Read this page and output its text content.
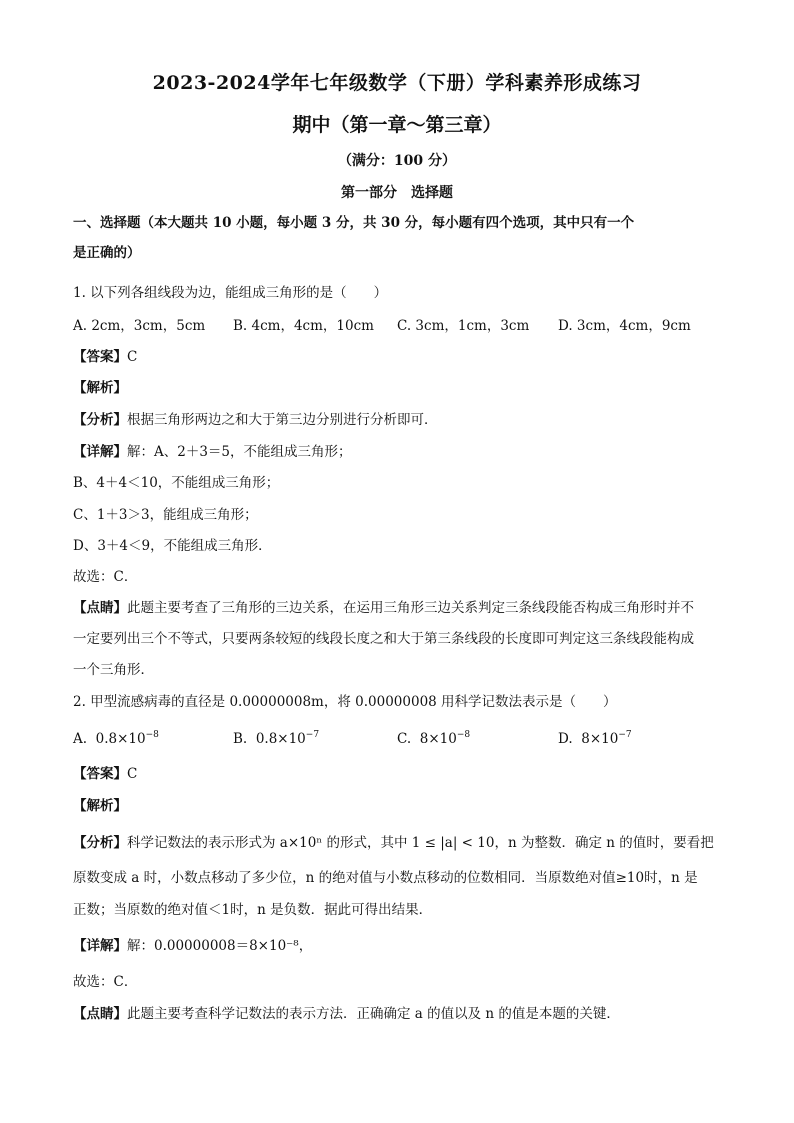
2023-2024学年七年级数学（下册）学科素养形成练习
期中（第一章～第三章）
（满分：100 分）
第一部分　选择题
一、选择题（本大题共 10 小题，每小题 3 分，共 30 分，每小题有四个选项，其中只有一个
是正确的）
1. 以下列各组线段为边，能组成三角形的是（　　）
A. 2cm，3cm，5cm B. 4cm，4cm，10cm C. 3cm，1cm，3cm D. 3cm，4cm，9cm
【答案】C
【解析】
【分析】根据三角形两边之和大于第三边分别进行分析即可．
【详解】解：A、2＋3＝5，不能组成三角形；
B、4＋4＜10，不能组成三角形；
C、1＋3＞3，能组成三角形；
D、3＋4＜9，不能组成三角形．
故选：C．
【点睛】此题主要考查了三角形的三边关系，在运用三角形三边关系判定三条线段能否构成三角形时并不
一定要列出三个不等式，只要两条较短的线段长度之和大于第三条线段的长度即可判定这三条线段能构成
一个三角形．
2. 甲型流感病毒的直径是 0.00000008m，将 0.00000008 用科学记数法表示是（　　）
A. $0.8\times 10^{-8}$	B. $0.8\times 10^{-7}$	C. $8\times 10^{-8}$	D. $8\times 10^{-7}$
【答案】C
【解析】
【分析】科学记数法的表示形式为 a×10ⁿ 的形式，其中 1 ≤ |a| < 10，n 为整数．确定 n 的值时，要看把
原数变成 a 时，小数点移动了多少位，n 的绝对值与小数点移动的位数相同．当原数绝对值≥10时，n 是
正数；当原数的绝对值＜1时，n 是负数．据此可得出结果．
【详解】解：0.00000008＝8×10⁻⁸，
故选：C．
【点睛】此题主要考查科学记数法的表示方法．正确确定 a 的值以及 n 的值是本题的关键．
